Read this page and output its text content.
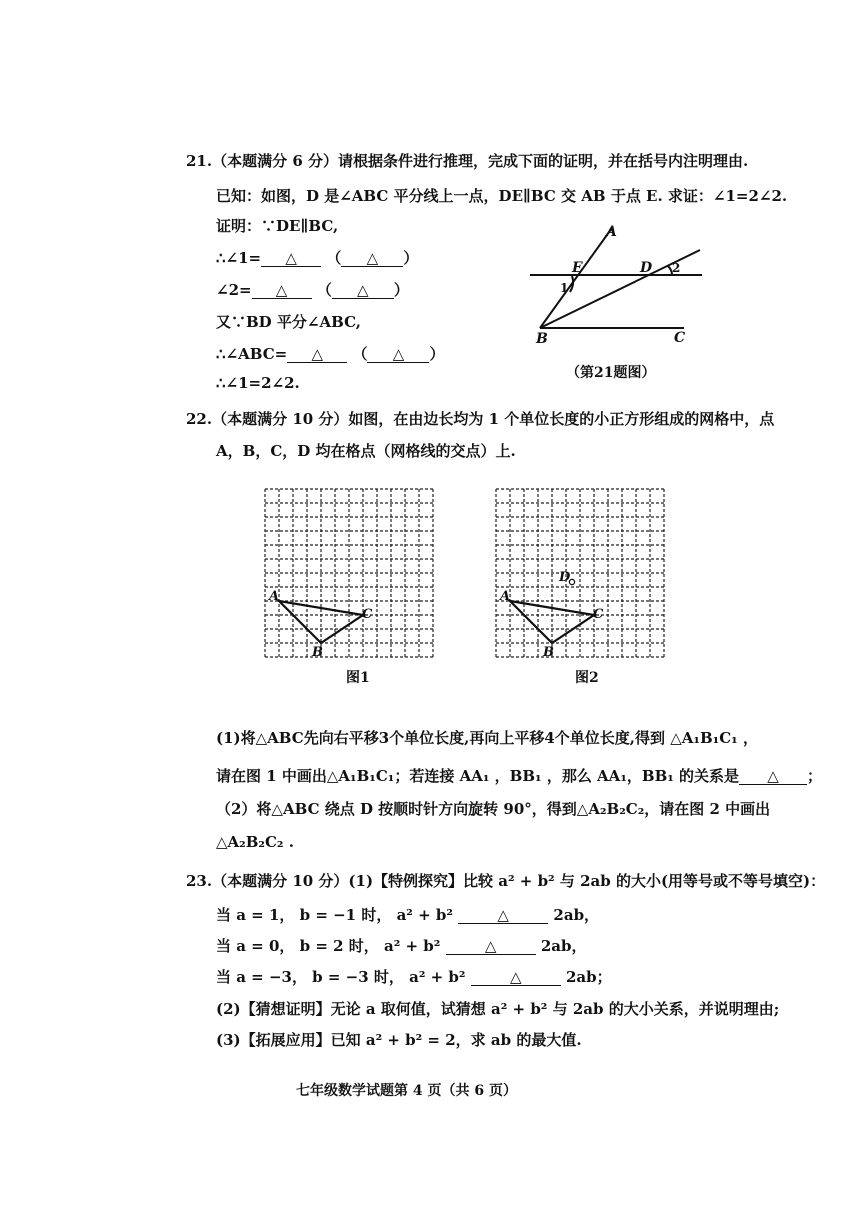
21.（本题满分 6 分）请根据条件进行推理，完成下面的证明，并在括号内注明理由.
已知：如图，D 是∠ABC 平分线上一点，DE∥BC 交 AB 于点 E. 求证：∠1=2∠2.
证明：∵DE∥BC,
∴∠1= △ （ △ ）
∠2= △ （ △ ）
又∵BD 平分∠ABC,
∴∠ABC= △ （ △ ）
∴∠1=2∠2.
A
E	D
B	C
1
2
（第21题图）
22.（本题满分 10 分）如图，在由边长均为 1 个单位长度的小正方形组成的网格中，点
A，B，C，D 均在格点（网格线的交点）上.
A
B
C
图1
A
B
C
D
图2
(1)将△ABC先向右平移3个单位长度,再向上平移4个单位长度,得到 △A₁B₁C₁ ，
请在图 1 中画出△A₁B₁C₁；若连接 AA₁ ，BB₁ ，那么 AA₁，BB₁ 的关系是 △ ；
（2）将△ABC 绕点 D 按顺时针方向旋转 90°，得到△A₂B₂C₂，请在图 2 中画出
△A₂B₂C₂ .
23.（本题满分 10 分）(1)【特例探究】比较 a² + b² 与 2ab 的大小(用等号或不等号填空)：
当 a = 1， b = −1 时， a² + b²	△	2ab，
当 a = 0， b = 2 时， a² + b²	△	2ab，
当 a = −3， b = −3 时， a² + b²	△	2ab；
(2)【猜想证明】无论 a 取何值，试猜想 a² + b² 与 2ab 的大小关系，并说明理由;
(3)【拓展应用】已知 a² + b² = 2，求 ab 的最大值.
七年级数学试题第 4 页（共 6 页）
